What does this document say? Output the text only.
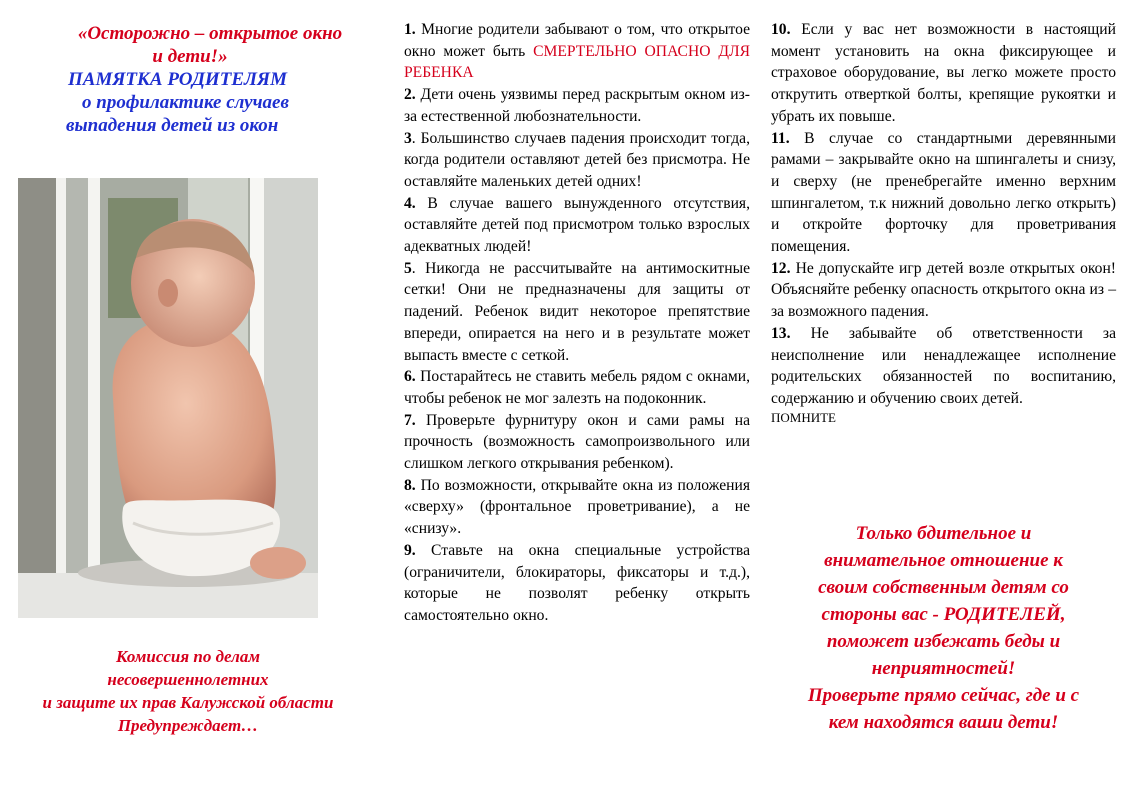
«Осторожно – открытое окно
и дети!»
ПАМЯТКА РОДИТЕЛЯМ
о профилактике случаев
выпадения детей из окон
Комиссия по делам
несовершеннолетних
и защите их прав Калужской области
Предупреждает…

1. Многие родители забывают о том, что открытое окно может быть СМЕРТЕЛЬНО ОПАСНО ДЛЯ РЕБЕНКА

2. Дети очень уязвимы перед раскрытым окном из-за естественной любознательности.

3. Большинство случаев падения происходит тогда, когда родители оставляют детей без присмотра. Не оставляйте маленьких детей одних!

4. В случае вашего вынужденного отсутствия, оставляйте детей под присмотром только взрослых адекватных людей!

5. Никогда не рассчитывайте на антимоскитные сетки! Они не предназначены для защиты от падений. Ребенок видит некоторое препятствие впереди, опирается на него и в результате может выпасть вместе с сеткой.

6. Постарайтесь не ставить мебель рядом с окнами, чтобы ребенок не мог залезть на подоконник.

7. Проверьте фурнитуру окон и сами рамы на прочность (возможность самопроизвольного или слишком легкого открывания ребенком).

8. По возможности, открывайте окна из положения «сверху» (фронтальное проветривание), а не «снизу».

9. Ставьте на окна специальные устройства (ограничители, блокираторы, фиксаторы и т.д.), которые не позволят ребенку открыть самостоятельно окно.

10. Если у вас нет возможности в настоящий момент установить на окна фиксирующее и страховое оборудование, вы легко можете просто открутить отверткой болты, крепящие рукоятки и убрать их повыше.

11. В случае со стандартными деревянными рамами – закрывайте окно на шпингалеты и снизу, и сверху (не пренебрегайте именно верхним шпингалетом, т.к нижний довольно легко открыть) и откройте форточку для проветривания помещения.

12. Не допускайте игр детей возле открытых окон! Объясняйте ребенку опасность открытого окна из – за возможного падения.

13. Не забывайте об ответственности за неисполнение или ненадлежащее исполнение родительских обязанностей по воспитанию, содержанию и обучению своих детей.

ПОМНИТЕ

Только бдительное и
внимательное отношение к
своим собственным детям со
стороны вас - РОДИТЕЛЕЙ,
поможет избежать беды и
неприятностей!
Проверьте прямо сейчас, где и с
кем находятся ваши дети!
